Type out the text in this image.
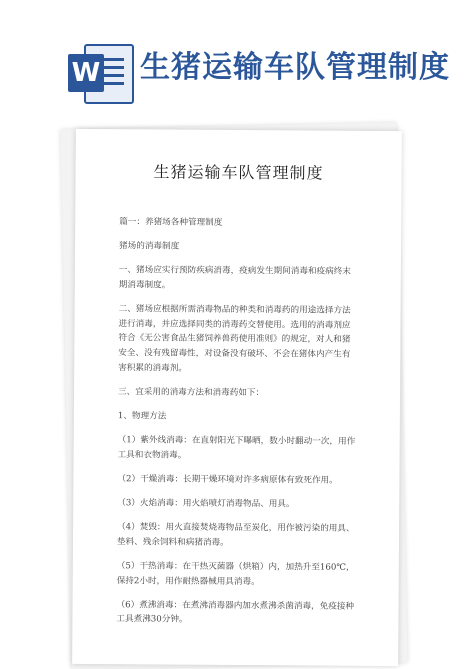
W 生猪运输车队管理制度
生猪运输车队管理制度

篇一：养猪场各种管理制度

猪场的消毒制度

一、猪场应实行预防疾病消毒，疫病发生期间消毒和疫病终末期消毒制度。

二、猪场应根据所需消毒物品的种类和消毒药的用途选择方法进行消毒，并应选择同类的消毒药交替使用。选用的消毒剂应符合《无公害食品生猪饲养兽药使用准则》的规定，对人和猪安全、没有残留毒性，对设备没有破坏、不会在猪体内产生有害积累的消毒剂。

三、宜采用的消毒方法和消毒药如下：

1、物理方法

（1）紫外线消毒：在直射阳光下曝晒，数小时翻动一次，用作工具和衣物消毒。

（2）干燥消毒：长期干燥环境对许多病原体有致死作用。

（3）火焰消毒：用火焰喷灯消毒物品、用具。

（4）焚毁：用火直接焚烧毒物品至炭化，用作被污染的用具、垫料、残余饲料和病猪消毒。

（5）干热消毒：在干热灭菌器（烘箱）内，加热升至160℃，保持2小时，用作耐热器械用具消毒。

（6）煮沸消毒：在煮沸消毒器内加水煮沸杀菌消毒，免疫接种工具煮沸30分钟。
